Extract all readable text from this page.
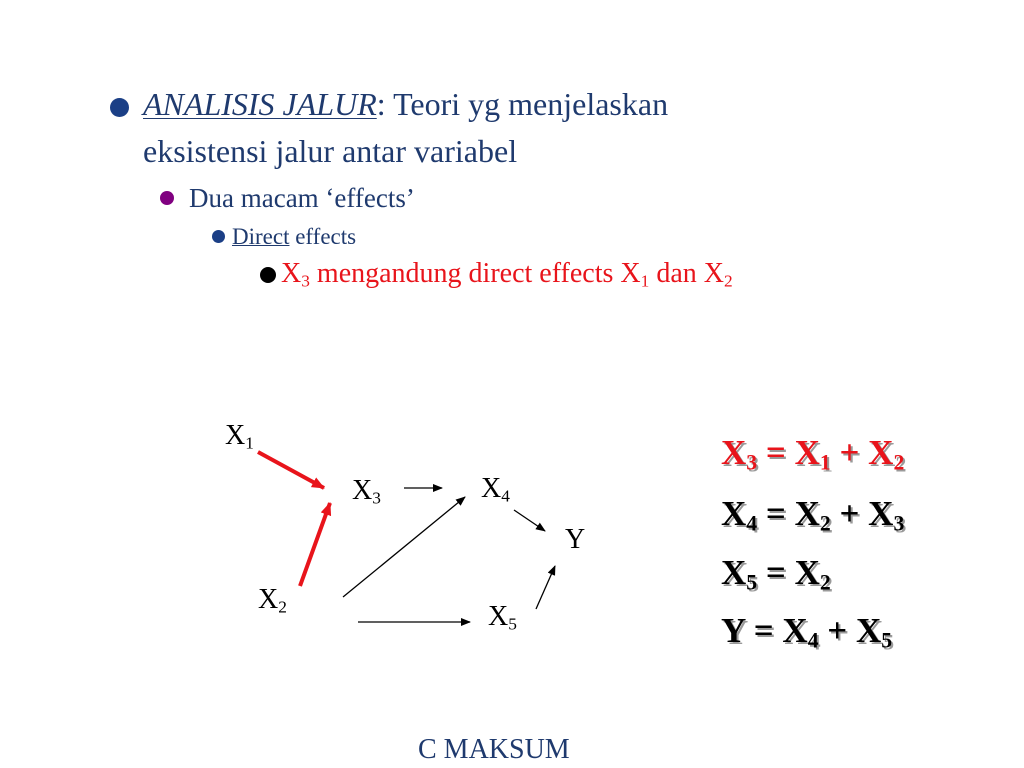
ANALISIS JALUR: Teori yg menjelaskan
eksistensi jalur antar variabel
Dua macam ‘effects’
Direct effects
$X_3$ mengandung direct effects $X_1$ dan $X_2$
$X_1$
$X_3$	$X_4$
Y
$X_2$	$X_5$
$X_3 = X_1 + X_2$
$X_4 = X_2 + X_3$
$X_5 = X_2$
$Y = X_4 + X_5$
C MAKSUM
